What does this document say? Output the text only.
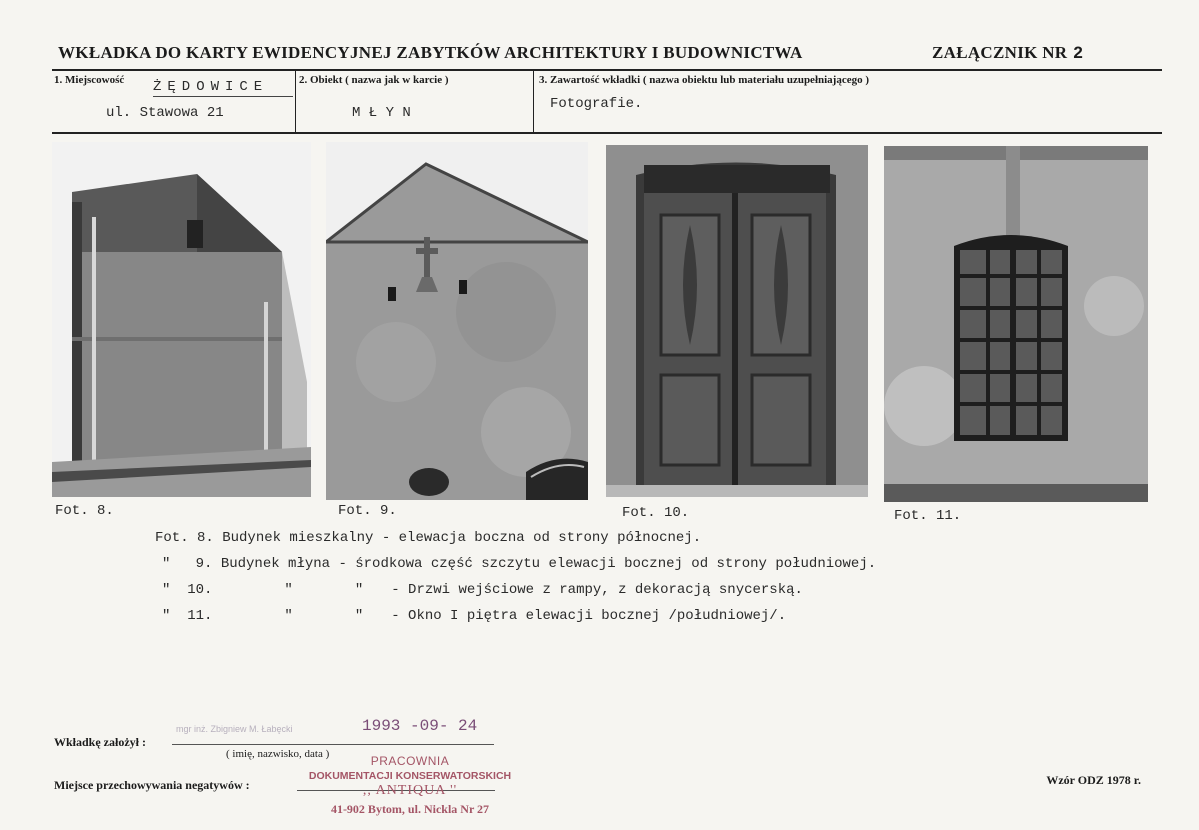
WKŁADKA DO KARTY EWIDENCYJNEJ ZABYTKÓW ARCHITEKTURY I BUDOWNICTWA	ZAŁĄCZNIK NR 2
1. Miejscowość ŻĘDOWICE
ul. Stawowa 21
2. Obiekt ( nazwa jak w karcie )
M Ł Y N
3. Zawartość wkładki ( nazwa obiektu lub materiału uzupełniającego )
Fotografie.
Fot. 8.	Fot. 9.	Fot. 10.	Fot. 11.
Fot. 8. Budynek mieszkalny - elewacja boczna od strony północnej.
"   9. Budynek młyna - środkowa część szczytu elewacji bocznej od strony południowej.
"  10.	"	" - Drzwi wejściowe z rampy, z dekoracją snycerską.
"  11.	"	" - Okno I piętra elewacji bocznej /południowej/.
Wkładkę założył :
mgr inż. Zbigniew M. Łabęcki	1993 -09- 24
( imię, nazwisko, data )
Miejsce przechowywania negatywów :
PRACOWNIA
DOKUMENTACJI KONSERWATORSKICH
,, ANTIQUA ''
41-902 Bytom, ul. Nickla Nr 27
Wzór ODZ 1978 r.
